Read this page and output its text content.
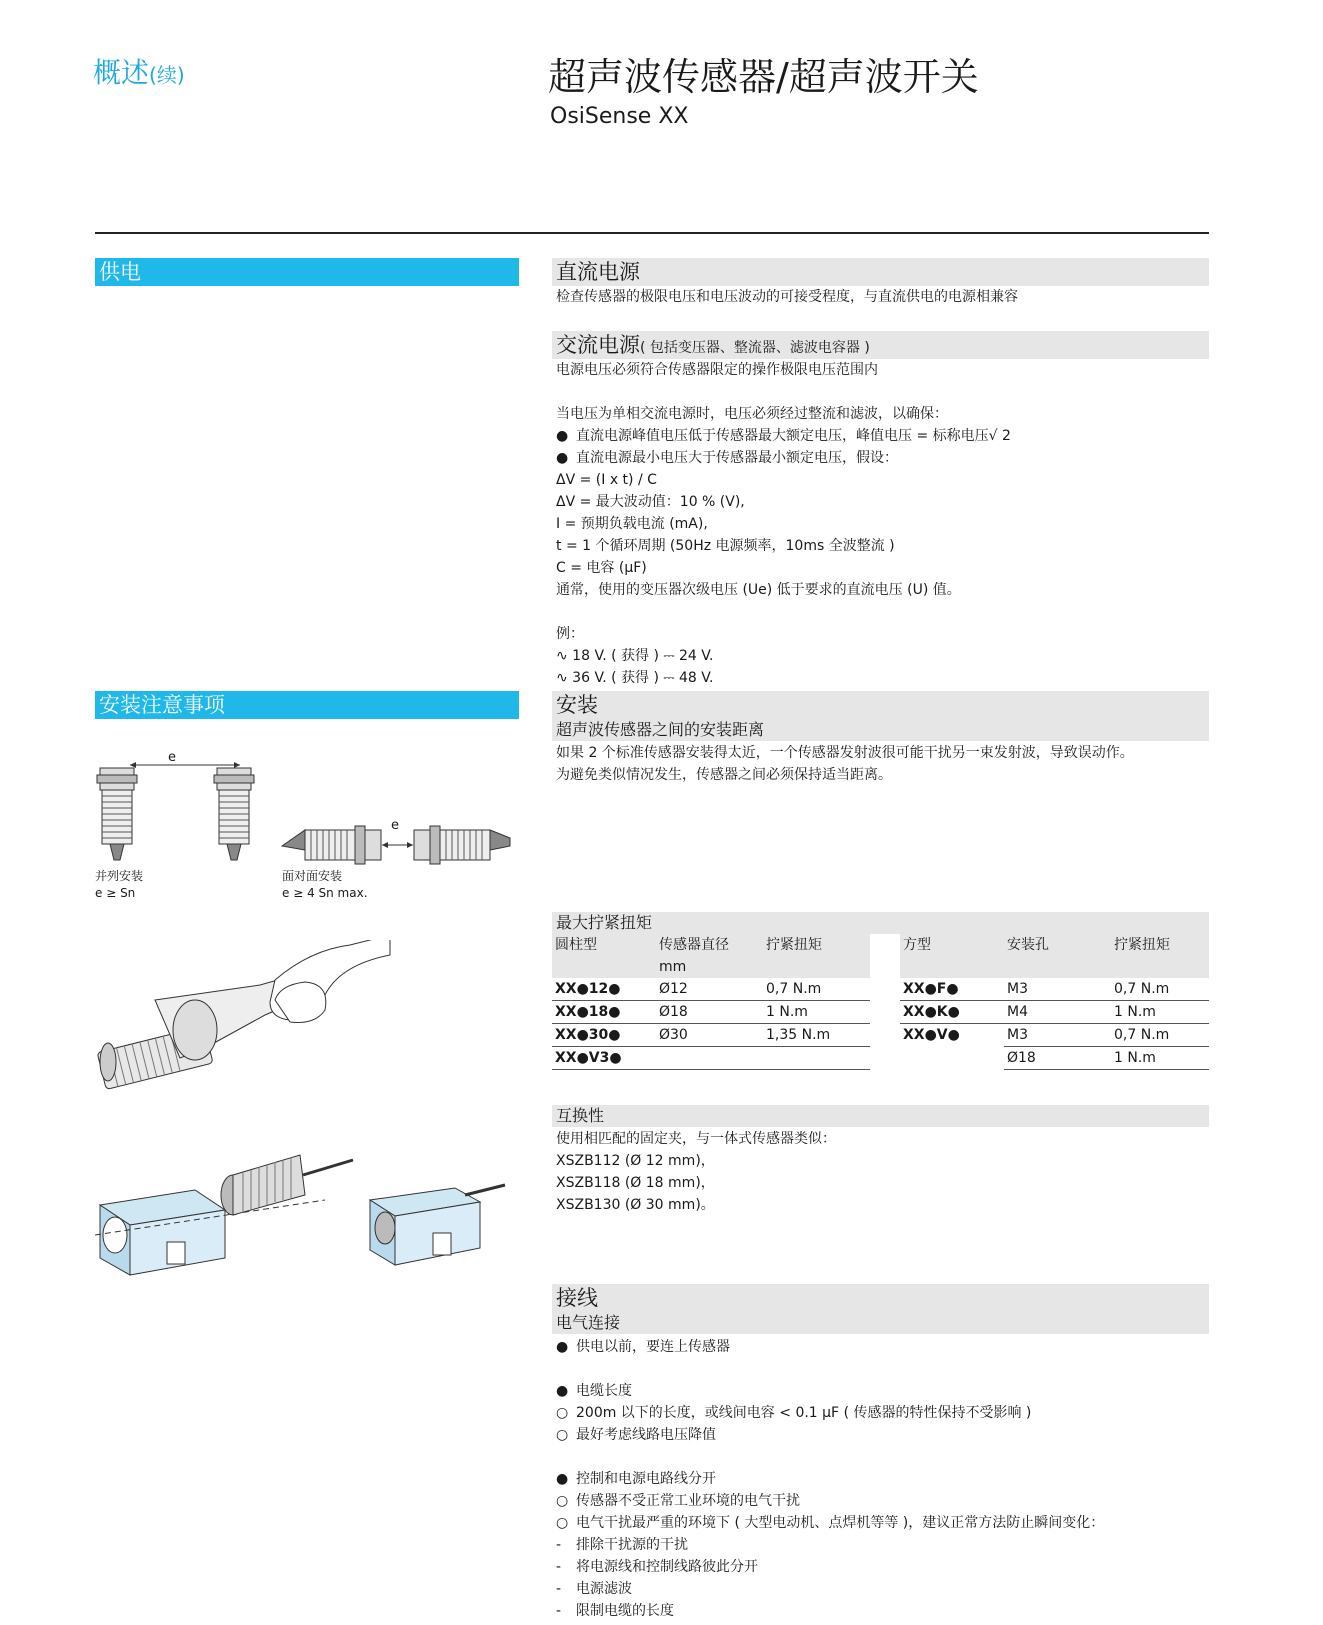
概述(续)	超声波传感器/超声波开关
OsiSense XX
供电
安装注意事项
e
e
并列安装
e ≥ Sn
面对面安装
e ≥ 4 Sn max.
直流电源
检查传感器的极限电压和电压波动的可接受程度，与直流供电的电源相兼容
交流电源( 包括变压器、整流器、滤波电容器 )
电源电压必须符合传感器限定的操作极限电压范围内
当电压为单相交流电源时，电压必须经过整流和滤波，以确保：
● 直流电源峰值电压低于传感器最大额定电压，峰值电压 = 标称电压√ 2
● 直流电源最小电压大于传感器最小额定电压，假设：
ΔV = (I x t) / C
ΔV = 最大波动值：10 % (V),
I = 预期负载电流 (mA),
t = 1 个循环周期 (50Hz 电源频率，10ms 全波整流 )
C = 电容 (μF)
通常，使用的变压器次级电压 (Ue) 低于要求的直流电压 (U) 值。
例：
∿ 18 V. ( 获得 ) ⎓ 24 V.
∿ 36 V. ( 获得 ) ⎓ 48 V.
安装
超声波传感器之间的安装距离
如果 2 个标准传感器安装得太近，一个传感器发射波很可能干扰另一束发射波，导致误动作。
为避免类似情况发生，传感器之间必须保持适当距离。
最大拧紧扭矩
圆柱型	传感器直径
mm	拧紧扭矩
XX●12●	Ø12	0,7 N.m
XX●18●	Ø18	1 N.m
XX●30●	Ø30	1,35 N.m
XX●V3●		
方型	安装孔	拧紧扭矩
XX●F●	M3	0,7 N.m
XX●K●	M4	1 N.m
XX●V●	M3	0,7 N.m
	Ø18	1 N.m
互换性
使用相匹配的固定夹，与一体式传感器类似：
XSZB112 (Ø 12 mm)，
XSZB118 (Ø 18 mm)，
XSZB130 (Ø 30 mm)。
接线
电气连接
● 供电以前，要连上传感器
● 电缆长度
○ 200m 以下的长度，或线间电容 < 0.1 μF ( 传感器的特性保持不受影响 )
○ 最好考虑线路电压降值
● 控制和电源电路线分开
○ 传感器不受正常工业环境的电气干扰
○ 电气干扰最严重的环境下 ( 大型电动机、点焊机等等 )，建议正常方法防止瞬间变化：
- 排除干扰源的干扰
- 将电源线和控制线路彼此分开
- 电源滤波
- 限制电缆的长度
